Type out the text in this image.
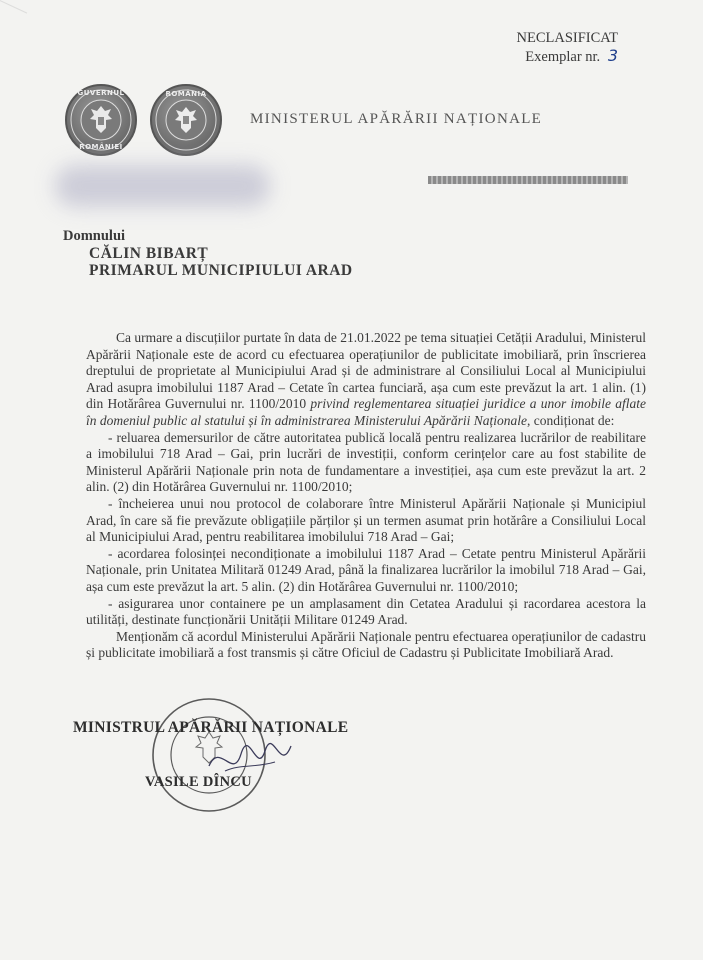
NECLASIFICAT
Exemplar nr. 3
GUVERNUL
ROMÂNIEI
ROMÂNIA
MINISTERUL APĂRĂRII NAȚIONALE
Domnului
CĂLIN BIBARȚ
PRIMARUL MUNICIPIULUI ARAD

Ca urmare a discuțiilor purtate în data de 21.01.2022 pe tema situației Cetății Aradului, Ministerul Apărării Naționale este de acord cu efectuarea operațiunilor de publicitate imobiliară, prin înscrierea dreptului de proprietate al Municipiului Arad și de administrare al Consiliului Local al Municipiului Arad asupra imobilului 1187 Arad – Cetate în cartea funciară, așa cum este prevăzut la art. 1 alin. (1) din Hotărârea Guvernului nr. 1100/2010 privind reglementarea situației juridice a unor imobile aflate în domeniul public al statului și în administrarea Ministerului Apărării Naționale, condiționat de:

- reluarea demersurilor de către autoritatea publică locală pentru realizarea lucrărilor de reabilitare a imobilului 718 Arad – Gai, prin lucrări de investiții, conform cerințelor care au fost stabilite de Ministerul Apărării Naționale prin nota de fundamentare a investiției, așa cum este prevăzut la art. 2 alin. (2) din Hotărârea Guvernului nr. 1100/2010;

- încheierea unui nou protocol de colaborare între Ministerul Apărării Naționale și Municipiul Arad, în care să fie prevăzute obligațiile părților și un termen asumat prin hotărâre a Consiliului Local al Municipiului Arad, pentru reabilitarea imobilului 718 Arad – Gai;

- acordarea folosinței necondiționate a imobilului 1187 Arad – Cetate pentru Ministerul Apărării Naționale, prin Unitatea Militară 01249 Arad, până la finalizarea lucrărilor la imobilul 718 Arad – Gai, așa cum este prevăzut la art. 5 alin. (2) din Hotărârea Guvernului nr. 1100/2010;

- asigurarea unor containere pe un amplasament din Cetatea Aradului și racordarea acestora la utilități, destinate funcționării Unității Militare 01249 Arad.

Menționăm că acordul Ministerului Apărării Naționale pentru efectuarea operațiunilor de cadastru și publicitate imobiliară a fost transmis și către Oficiul de Cadastru și Publicitate Imobiliară Arad.

MINISTRUL APĂRĂRII NAȚIONALE
VASILE DÎNCU
